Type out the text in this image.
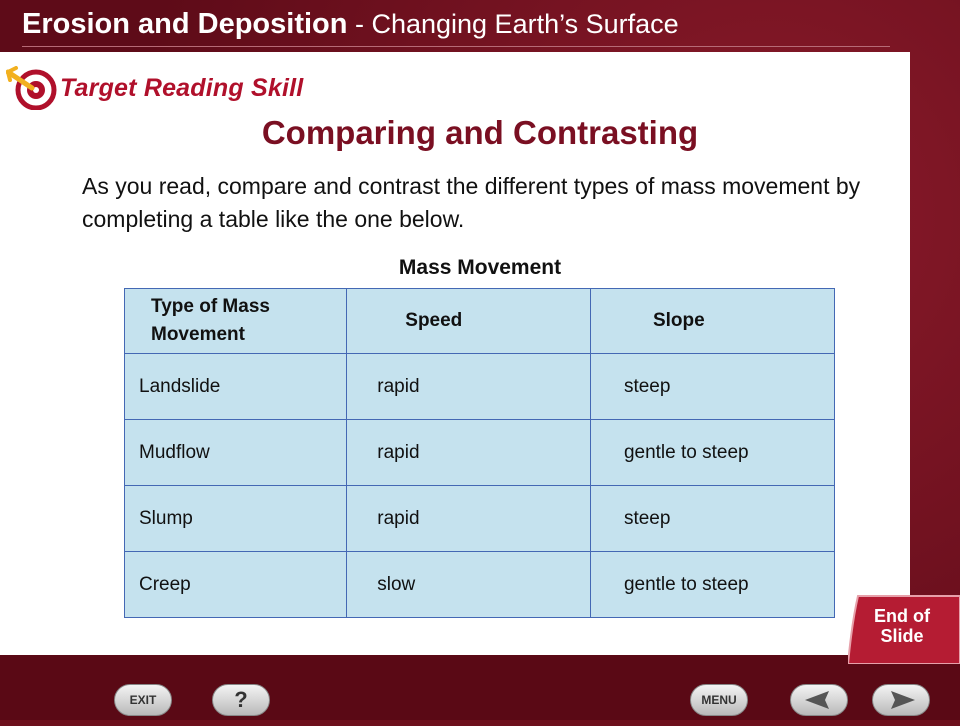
Erosion and Deposition - Changing Earth’s Surface
Target Reading Skill
Comparing and Contrasting
As you read, compare and contrast the different types of mass movement by completing a table like the one below.
Mass Movement
Type of Mass Movement	Speed	Slope
Landslide	rapid	steep
Mudflow	rapid	gentle to steep
Slump	rapid	steep
Creep	slow	gentle to steep
End of
Slide
EXIT	?	MENU
